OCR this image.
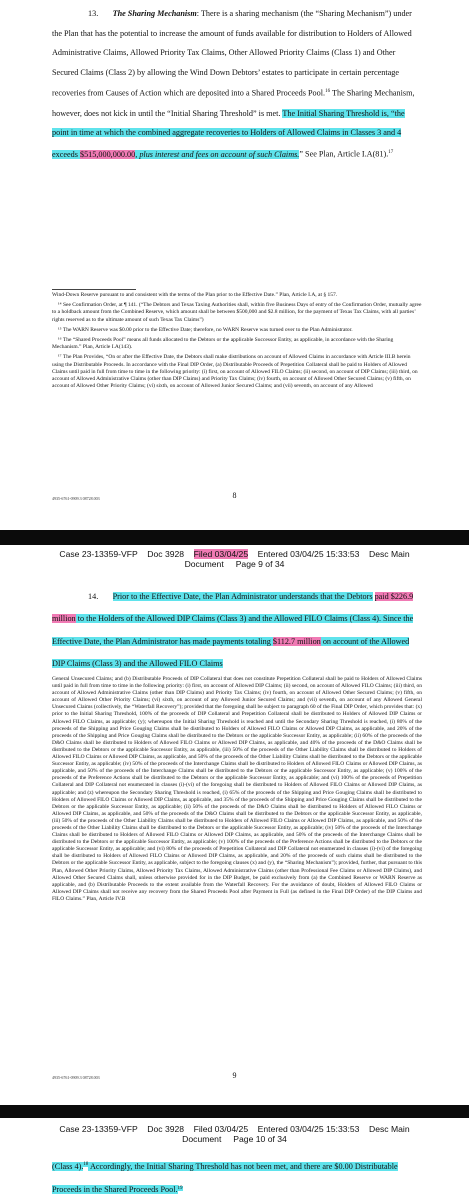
13. The Sharing Mechanism: There is a sharing mechanism (the “Sharing Mechanism”) under the Plan that has the potential to increase the amount of funds available for distribution to Holders of Allowed Administrative Claims, Allowed Priority Tax Claims, Other Allowed Priority Claims (Class 1) and Other Secured Claims (Class 2) by allowing the Wind Down Debtors’ estates to participate in certain percentage recoveries from Causes of Action which are deposited into a Shared Proceeds Pool.$^{16}$ The Sharing Mechanism, however, does not kick in until the “Initial Sharing Threshold” is met. The Initial Sharing Threshold is, “the point in time at which the combined aggregate recoveries to Holders of Allowed Claims in Classes 3 and 4 exceeds $515,000,000.00, plus interest and fees on account of such Claims.” See Plan, Article I.A(81).$^{17}$

Wind-Down Reserve pursuant to and consistent with the terms of the Plan prior to the Effective Date.” Plan, Article I.A, at § 157.

¹⁴ See Confirmation Order, at ¶ 141. (“The Debtors and Texas Taxing Authorities shall, within five Business Days of entry of the Confirmation Order, mutually agree to a holdback amount from the Combined Reserve, which amount shall be between $500,000 and $2.8 million, for the payment of Texas Tax Claims, with all parties’ rights reserved as to the ultimate amount of such Texas Tax Claims”)

¹⁵ The WARN Reserve was $0.00 prior to the Effective Date; therefore, no WARN Reserve was turned over to the Plan Administrator.

¹⁶ The “Shared Proceeds Pool” means all funds allocated to the Debtors or the applicable Successor Entity, as applicable, in accordance with the Sharing Mechanism.” Plan, Article I.A(143).

¹⁷ The Plan Provides, “On or after the Effective Date, the Debtors shall make distributions on account of Allowed Claims in accordance with Article III.B herein using the Distributable Proceeds. In accordance with the Final DIP Order, (a) Distributable Proceeds of Prepetition Collateral shall be paid to Holders of Allowed Claims until paid in full from time to time in the following priority: (i) first, on account of Allowed FILO Claims; (ii) second, on account of DIP Claims; (iii) third, on account of Allowed Administrative Claims (other than DIP Claims) and Priority Tax Claims; (iv) fourth, on account of Allowed Other Secured Claims; (v) fifth, on account of Allowed Other Priority Claims; (vi) sixth, on account of Allowed Junior Secured Claims; and (vii) seventh, on account of any Allowed

4935-6761-0909.3 08728.003	8
Case 23-13359-VFP Doc 3928 Filed 03/04/25 Entered 03/04/25 15:33:53 Desc Main
Document Page 9 of 34

14. Prior to the Effective Date, the Plan Administrator understands that the Debtors paid $226.9 million to the Holders of the Allowed DIP Claims (Class 3) and the Allowed FILO Claims (Class 4). Since the Effective Date, the Plan Administrator has made payments totaling $112.7 million on account of the Allowed DIP Claims (Class 3) and the Allowed FILO Claims

General Unsecured Claims; and (b) Distributable Proceeds of DIP Collateral that does not constitute Prepetition Collateral shall be paid to Holders of Allowed Claims until paid in full from time to time in the following priority: (i) first, on account of Allowed DIP Claims; (ii) second, on account of Allowed FILO Claims; (iii) third, on account of Allowed Administrative Claims (other than DIP Claims) and Priority Tax Claims; (iv) fourth, on account of Allowed Other Secured Claims; (v) fifth, on account of Allowed Other Priority Claims; (vi) sixth, on account of any Allowed Junior Secured Claims; and (vii) seventh, on account of any Allowed General Unsecured Claims (collectively, the “Waterfall Recovery”); provided that the foregoing shall be subject to paragraph 60 of the Final DIP Order, which provides that: (x) prior to the Initial Sharing Threshold, 100% of the proceeds of DIP Collateral and Prepetition Collateral shall be distributed to Holders of Allowed DIP Claims or Allowed FILO Claims, as applicable; (y); whereupon the Initial Sharing Threshold is reached and until the Secondary Sharing Threshold is reached, (i) 80% of the proceeds of the Shipping and Price Gouging Claims shall be distributed to Holders of Allowed FILO Claims or Allowed DIP Claims, as applicable, and 20% of the proceeds of the Shipping and Price Gouging Claims shall be distributed to the Debtors or the applicable Successor Entity, as applicable; (ii) 60% of the proceeds of the D&O Claims shall be distributed to Holders of Allowed FILO Claims or Allowed DIP Claims, as applicable, and 40% of the proceeds of the D&O Claims shall be distributed to the Debtors or the applicable Successor Entity, as applicable, (iii) 50% of the proceeds of the Other Liability Claims shall be distributed to Holders of Allowed FILO Claims or Allowed DIP Claims, as applicable, and 50% of the proceeds of the Other Liability Claims shall be distributed to the Debtors or the applicable Successor Entity, as applicable; (iv) 50% of the proceeds of the Interchange Claims shall be distributed to Holders of Allowed FILO Claims or Allowed DIP Claims, as applicable, and 50% of the proceeds of the Interchange Claims shall be distributed to the Debtors or the applicable Successor Entity, as applicable; (v) 100% of the proceeds of the Preference Actions shall be distributed to the Debtors or the applicable Successor Entity, as applicable; and (vi) 100% of the proceeds of Prepetition Collateral and DIP Collateral not enumerated in clauses (i)-(vi) of the foregoing shall be distributed to Holders of Allowed FILO Claims or Allowed DIP Claims, as applicable; and (z) whereupon the Secondary Sharing Threshold is reached, (i) 65% of the proceeds of the Shipping and Price Gouging Claims shall be distributed to Holders of Allowed FILO Claims or Allowed DIP Claims, as applicable, and 35% of the proceeds of the Shipping and Price Gouging Claims shall be distributed to the Debtors or the applicable Successor Entity, as applicable; (ii) 50% of the proceeds of the D&O Claims shall be distributed to Holders of Allowed FILO Claims or Allowed DIP Claims, as applicable, and 50% of the proceeds of the D&O Claims shall be distributed to the Debtors or the applicable Successor Entity, as applicable, (iii) 50% of the proceeds of the Other Liability Claims shall be distributed to Holders of Allowed FILO Claims or Allowed DIP Claims, as applicable, and 50% of the proceeds of the Other Liability Claims shall be distributed to the Debtors or the applicable Successor Entity, as applicable; (iv) 50% of the proceeds of the Interchange Claims shall be distributed to Holders of Allowed FILO Claims or Allowed DIP Claims, as applicable, and 50% of the proceeds of the Interchange Claims shall be distributed to the Debtors or the applicable Successor Entity, as applicable; (v) 100% of the proceeds of the Preference Actions shall be distributed to the Debtors or the applicable Successor Entity, as applicable; and (vi) 80% of the proceeds of Prepetition Collateral and DIP Collateral not enumerated in clauses (i)-(vi) of the foregoing shall be distributed to Holders of Allowed FILO Claims or Allowed DIP Claims, as applicable, and 20% of the proceeds of such claims shall be distributed to the Debtors or the applicable Successor Entity, as applicable, subject to the foregoing clauses (x) and (y), the “Sharing Mechanism”); provided, further, that pursuant to this Plan, Allowed Other Priority Claims, Allowed Priority Tax Claims, Allowed Administrative Claims (other than Professional Fee Claims or Allowed DIP Claims), and Allowed Other Secured Claims shall, unless otherwise provided for in the DIP Budget, be paid exclusively from (a) the Combined Reserve or WARN Reserve as applicable, and (b) Distributable Proceeds to the extent available from the Waterfall Recovery. For the avoidance of doubt, Holders of Allowed FILO Claims or Allowed DIP Claims shall not receive any recovery from the Shared Proceeds Pool after Payment in Full (as defined in the Final DIP Order) of the DIP Claims and FILO Claims.” Plan, Article IV.B
4935-6761-0909.3 08728.003	9
Case 23-13359-VFP Doc 3928 Filed 03/04/25 Entered 03/04/25 15:33:53 Desc Main
Document Page 10 of 34

(Class 4).$^{18}$ Accordingly, the Initial Sharing Threshold has not been met, and there are $0.00 Distributable Proceeds in the Shared Proceeds Pool.$^{19}$
